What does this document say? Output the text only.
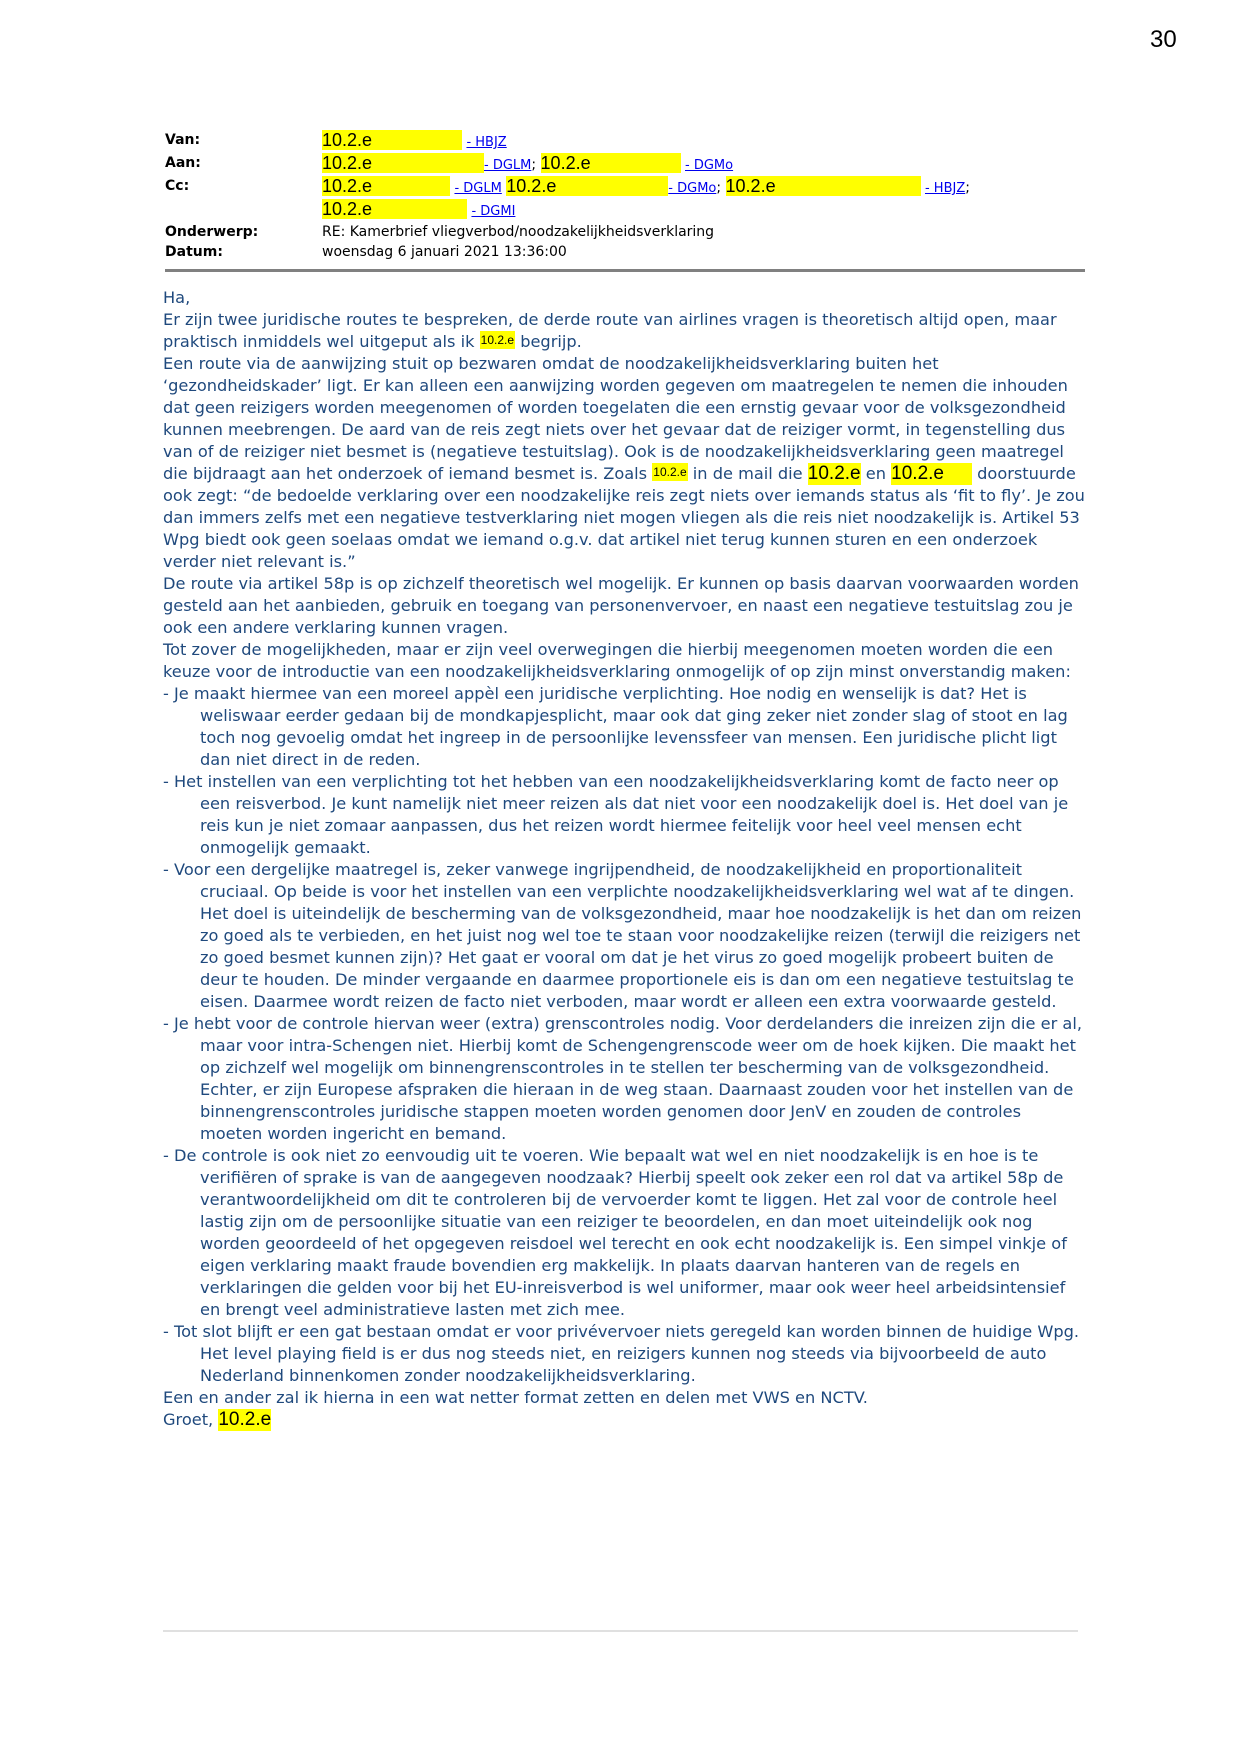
30
Van:	10.2.e	- HBJZ
Aan:	10.2.e	- DGLM; 10.2.e	- DGMo
Cc:	10.2.e	- DGLM 10.2.e	- DGMo; 10.2.e	- HBJZ;
10.2.e	- DGMI
Onderwerp:	RE: Kamerbrief vliegverbod/noodzakelijkheidsverklaring
Datum:	woensdag 6 januari 2021 13:36:00

Ha,

Er zijn twee juridische routes te bespreken, de derde route van airlines vragen is theoretisch altijd open, maar praktisch inmiddels wel uitgeput als ik 10.2.e begrijp.

Een route via de aanwijzing stuit op bezwaren omdat de noodzakelijkheidsverklaring buiten het ‘gezondheidskader’ ligt. Er kan alleen een aanwijzing worden gegeven om maatregelen te nemen die inhouden dat geen reizigers worden meegenomen of worden toegelaten die een ernstig gevaar voor de volksgezondheid kunnen meebrengen. De aard van de reis zegt niets over het gevaar dat de reiziger vormt, in tegenstelling dus van of de reiziger niet besmet is (negatieve testuitslag). Ook is de noodzakelijkheidsverklaring geen maatregel die bijdraagt aan het onderzoek of iemand besmet is. Zoals 10.2.e in de mail die 10.2.e en 10.2.e doorstuurde ook zegt: “de bedoelde verklaring over een noodzakelijke reis zegt niets over iemands status als ‘fit to fly’. Je zou dan immers zelfs met een negatieve testverklaring niet mogen vliegen als die reis niet noodzakelijk is. Artikel 53 Wpg biedt ook geen soelaas omdat we iemand o.g.v. dat artikel niet terug kunnen sturen en een onderzoek verder niet relevant is.”

De route via artikel 58p is op zichzelf theoretisch wel mogelijk. Er kunnen op basis daarvan voorwaarden worden gesteld aan het aanbieden, gebruik en toegang van personenvervoer, en naast een negatieve testuitslag zou je ook een andere verklaring kunnen vragen.

Tot zover de mogelijkheden, maar er zijn veel overwegingen die hierbij meegenomen moeten worden die een keuze voor de introductie van een noodzakelijkheidsverklaring onmogelijk of op zijn minst onverstandig maken:

- Je maakt hiermee van een moreel appèl een juridische verplichting. Hoe nodig en wenselijk is dat? Het is weliswaar eerder gedaan bij de mondkapjesplicht, maar ook dat ging zeker niet zonder slag of stoot en lag toch nog gevoelig omdat het ingreep in de persoonlijke levenssfeer van mensen. Een juridische plicht ligt dan niet direct in de reden.

- Het instellen van een verplichting tot het hebben van een noodzakelijkheidsverklaring komt de facto neer op een reisverbod. Je kunt namelijk niet meer reizen als dat niet voor een noodzakelijk doel is. Het doel van je reis kun je niet zomaar aanpassen, dus het reizen wordt hiermee feitelijk voor heel veel mensen echt onmogelijk gemaakt.

- Voor een dergelijke maatregel is, zeker vanwege ingrijpendheid, de noodzakelijkheid en proportionaliteit cruciaal. Op beide is voor het instellen van een verplichte noodzakelijkheidsverklaring wel wat af te dingen. Het doel is uiteindelijk de bescherming van de volksgezondheid, maar hoe noodzakelijk is het dan om reizen zo goed als te verbieden, en het juist nog wel toe te staan voor noodzakelijke reizen (terwijl die reizigers net zo goed besmet kunnen zijn)? Het gaat er vooral om dat je het virus zo goed mogelijk probeert buiten de deur te houden. De minder vergaande en daarmee proportionele eis is dan om een negatieve testuitslag te eisen. Daarmee wordt reizen de facto niet verboden, maar wordt er alleen een extra voorwaarde gesteld.

- Je hebt voor de controle hiervan weer (extra) grenscontroles nodig. Voor derdelanders die inreizen zijn die er al, maar voor intra-Schengen niet. Hierbij komt de Schengengrenscode weer om de hoek kijken. Die maakt het op zichzelf wel mogelijk om binnengrenscontroles in te stellen ter bescherming van de volksgezondheid. Echter, er zijn Europese afspraken die hieraan in de weg staan. Daarnaast zouden voor het instellen van de binnengrenscontroles juridische stappen moeten worden genomen door JenV en zouden de controles moeten worden ingericht en bemand.

- De controle is ook niet zo eenvoudig uit te voeren. Wie bepaalt wat wel en niet noodzakelijk is en hoe is te verifiëren of sprake is van de aangegeven noodzaak? Hierbij speelt ook zeker een rol dat va artikel 58p de verantwoordelijkheid om dit te controleren bij de vervoerder komt te liggen. Het zal voor de controle heel lastig zijn om de persoonlijke situatie van een reiziger te beoordelen, en dan moet uiteindelijk ook nog worden geoordeeld of het opgegeven reisdoel wel terecht en ook echt noodzakelijk is. Een simpel vinkje of eigen verklaring maakt fraude bovendien erg makkelijk. In plaats daarvan hanteren van de regels en verklaringen die gelden voor bij het EU-inreisverbod is wel uniformer, maar ook weer heel arbeidsintensief en brengt veel administratieve lasten met zich mee.

- Tot slot blijft er een gat bestaan omdat er voor privévervoer niets geregeld kan worden binnen de huidige Wpg. Het level playing field is er dus nog steeds niet, en reizigers kunnen nog steeds via bijvoorbeeld de auto Nederland binnenkomen zonder noodzakelijkheidsverklaring.

Een en ander zal ik hierna in een wat netter format zetten en delen met VWS en NCTV.

Groet, 10.2.e
